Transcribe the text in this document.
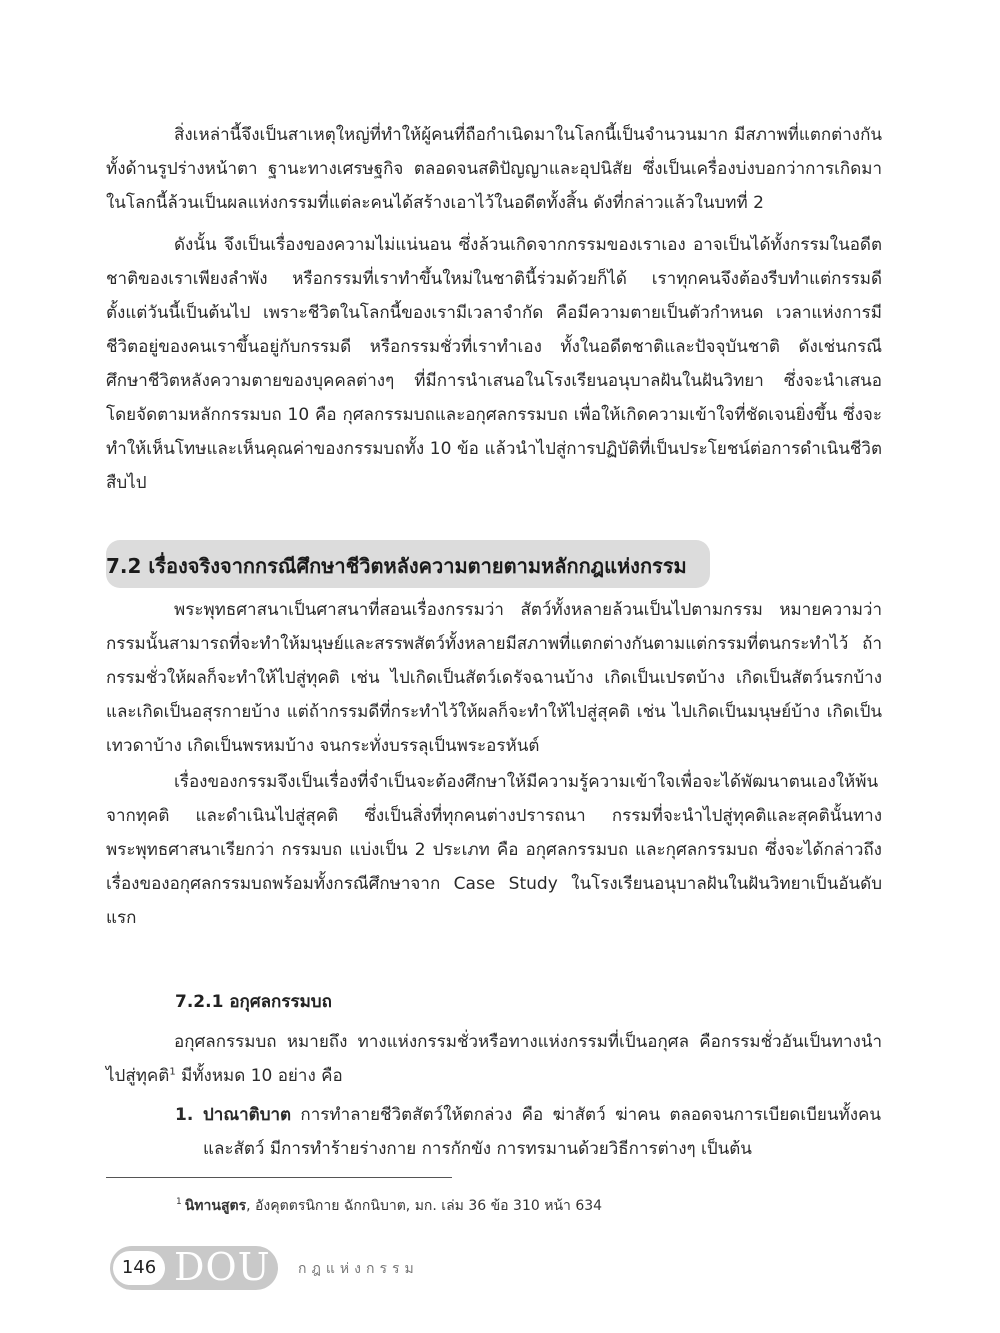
สิ่งเหล่านี้จึงเป็นสาเหตุใหญ่ที่ทำให้ผู้คนที่ถือกำเนิดมาในโลกนี้เป็นจำนวนมาก มีสภาพที่แตกต่างกัน ทั้งด้านรูปร่างหน้าตา ฐานะทางเศรษฐกิจ ตลอดจนสติปัญญาและอุปนิสัย ซึ่งเป็นเครื่องบ่งบอกว่าการเกิดมาในโลกนี้ล้วนเป็นผลแห่งกรรมที่แต่ละคนได้สร้างเอาไว้ในอดีตทั้งสิ้น ดังที่กล่าวแล้วในบทที่ 2

ดังนั้น จึงเป็นเรื่องของความไม่แน่นอน ซึ่งล้วนเกิดจากกรรมของเราเอง อาจเป็นได้ทั้งกรรมในอดีตชาติของเราเพียงลำพัง หรือกรรมที่เราทำขึ้นใหม่ในชาตินี้ร่วมด้วยก็ได้ เราทุกคนจึงต้องรีบทำแต่กรรมดีตั้งแต่วันนี้เป็นต้นไป เพราะชีวิตในโลกนี้ของเรามีเวลาจำกัด คือมีความตายเป็นตัวกำหนด เวลาแห่งการมีชีวิตอยู่ของคนเราขึ้นอยู่กับกรรมดี หรือกรรมชั่วที่เราทำเอง ทั้งในอดีตชาติและปัจจุบันชาติ ดังเช่นกรณีศึกษาชีวิตหลังความตายของบุคคลต่างๆ ที่มีการนำเสนอในโรงเรียนอนุบาลฝันในฝันวิทยา ซึ่งจะนำเสนอโดยจัดตามหลักกรรมบถ 10 คือ กุศลกรรมบถและอกุศลกรรมบถ เพื่อให้เกิดความเข้าใจที่ชัดเจนยิ่งขึ้น ซึ่งจะทำให้เห็นโทษและเห็นคุณค่าของกรรมบถทั้ง 10 ข้อ แล้วนำไปสู่การปฏิบัติที่เป็นประโยชน์ต่อการดำเนินชีวิตสืบไป

7.2 เรื่องจริงจากกรณีศึกษาชีวิตหลังความตายตามหลักกฎแห่งกรรม

พระพุทธศาสนาเป็นศาสนาที่สอนเรื่องกรรมว่า สัตว์ทั้งหลายล้วนเป็นไปตามกรรม หมายความว่ากรรมนั้นสามารถที่จะทำให้มนุษย์และสรรพสัตว์ทั้งหลายมีสภาพที่แตกต่างกันตามแต่กรรมที่ตนกระทำไว้ ถ้ากรรมชั่วให้ผลก็จะทำให้ไปสู่ทุคติ เช่น ไปเกิดเป็นสัตว์เดรัจฉานบ้าง เกิดเป็นเปรตบ้าง เกิดเป็นสัตว์นรกบ้าง และเกิดเป็นอสุรกายบ้าง แต่ถ้ากรรมดีที่กระทำไว้ให้ผลก็จะทำให้ไปสู่สุคติ เช่น ไปเกิดเป็นมนุษย์บ้าง เกิดเป็นเทวดาบ้าง เกิดเป็นพรหมบ้าง จนกระทั่งบรรลุเป็นพระอรหันต์

เรื่องของกรรมจึงเป็นเรื่องที่จำเป็นจะต้องศึกษาให้มีความรู้ความเข้าใจเพื่อจะได้พัฒนาตนเองให้พ้นจากทุคติ และดำเนินไปสู่สุคติ ซึ่งเป็นสิ่งที่ทุกคนต่างปรารถนา กรรมที่จะนำไปสู่ทุคติและสุคตินั้นทางพระพุทธศาสนาเรียกว่า กรรมบถ แบ่งเป็น 2 ประเภท คือ อกุศลกรรมบถ และกุศลกรรมบถ ซึ่งจะได้กล่าวถึงเรื่องของอกุศลกรรมบถพร้อมทั้งกรณีศึกษาจาก Case Study ในโรงเรียนอนุบาลฝันในฝันวิทยาเป็นอันดับแรก

7.2.1 อกุศลกรรมบถ

อกุศลกรรมบถ หมายถึง ทางแห่งกรรมชั่วหรือทางแห่งกรรมที่เป็นอกุศล คือกรรมชั่วอันเป็นทางนำไปสู่ทุคติ$^1$ มีทั้งหมด 10 อย่าง คือ

1. ปาณาติบาต การทำลายชีวิตสัตว์ให้ตกล่วง คือ ฆ่าสัตว์ ฆ่าคน ตลอดจนการเบียดเบียนทั้งคนและสัตว์ มีการทำร้ายร่างกาย การกักขัง การทรมานด้วยวิธีการต่างๆ เป็นต้น
$^1$ นิทานสูตร, อังคุตตรนิกาย ฉักกนิบาต, มก. เล่ม 36 ข้อ 310 หน้า 634
146 DOU กฎแห่งกรรม
